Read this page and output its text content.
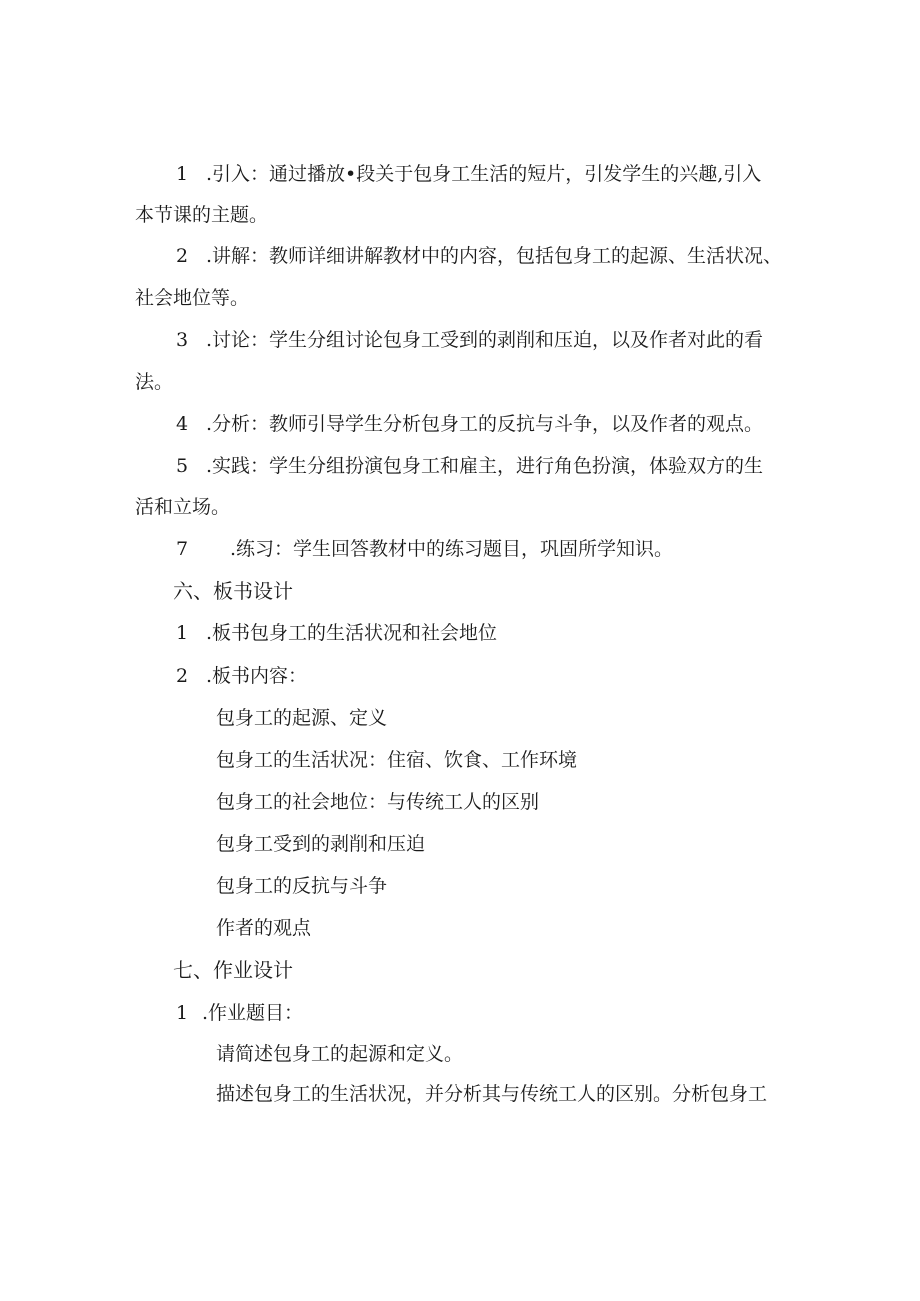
1 .引入：通过播放•段关于包身工生活的短片，引发学生的兴趣,引入
本节课的主题。
2 .讲解：教师详细讲解教材中的内容，包括包身工的起源、生活状况、
社会地位等。
3 .讨论：学生分组讨论包身工受到的剥削和压迫，以及作者对此的看
法。
4 .分析：教师引导学生分析包身工的反抗与斗争，以及作者的观点。
5 .实践：学生分组扮演包身工和雇主，进行角色扮演，体验双方的生
活和立场。
7 .练习：学生回答教材中的练习题目，巩固所学知识。
六、板书设计
1 .板书包身工的生活状况和社会地位
2 .板书内容：
包身工的起源、定义
包身工的生活状况：住宿、饮食、工作环境
包身工的社会地位：与传统工人的区别
包身工受到的剥削和压迫
包身工的反抗与斗争
作者的观点
七、作业设计
1 .作业题目：
请简述包身工的起源和定义。
描述包身工的生活状况，并分析其与传统工人的区别。分析包身工
